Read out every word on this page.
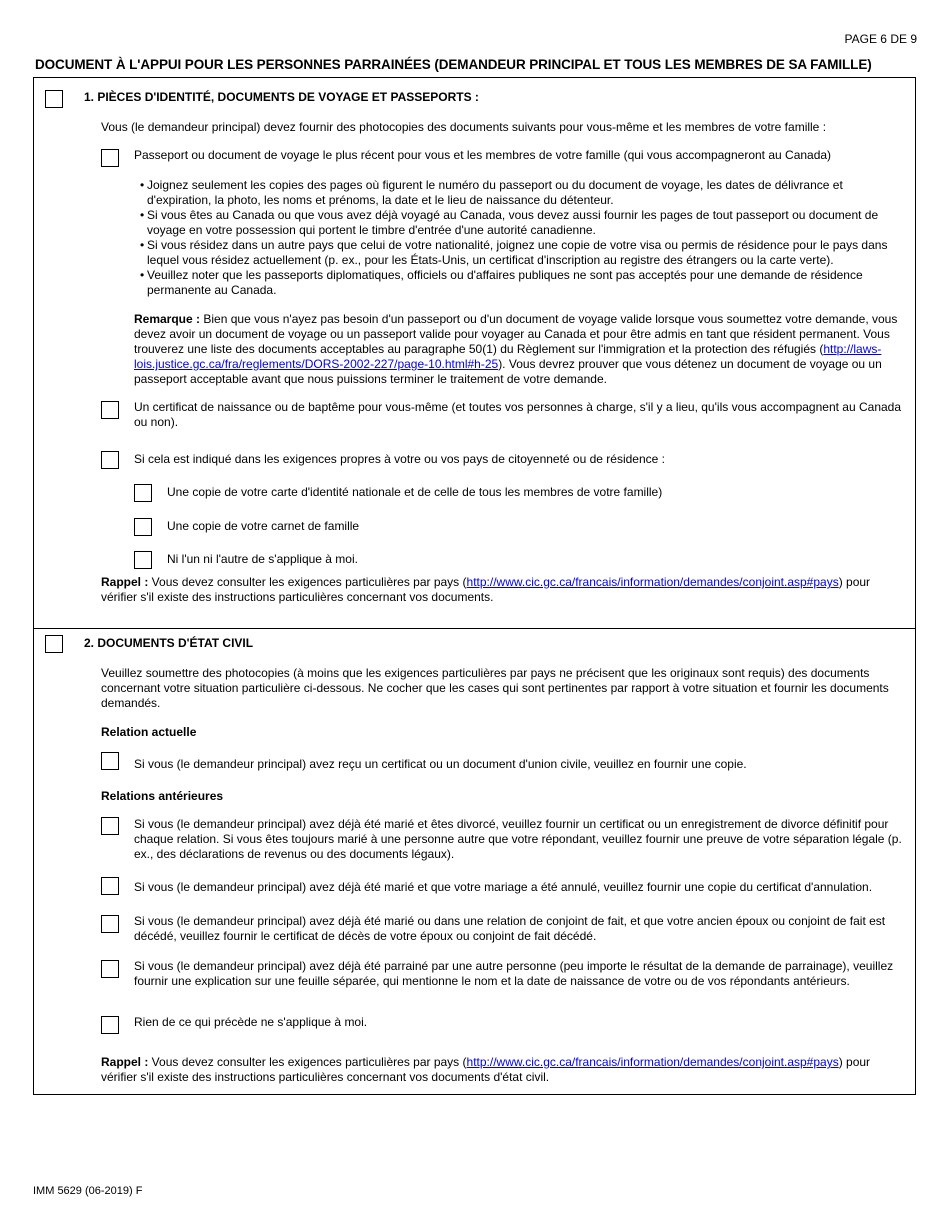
PAGE 6 DE 9
DOCUMENT À L'APPUI POUR LES PERSONNES PARRAINÉES (DEMANDEUR PRINCIPAL ET TOUS LES MEMBRES DE SA FAMILLE)
1. PIÈCES D'IDENTITÉ, DOCUMENTS DE VOYAGE ET PASSEPORTS :
Vous (le demandeur principal) devez fournir des photocopies des documents suivants pour vous-même et les membres de votre famille :
Passeport ou document de voyage le plus récent pour vous et les membres de votre famille (qui vous accompagneront au Canada)
• Joignez seulement les copies des pages où figurent le numéro du passeport ou du document de voyage, les dates de délivrance et d'expiration, la photo, les noms et prénoms, la date et le lieu de naissance du détenteur.
• Si vous êtes au Canada ou que vous avez déjà voyagé au Canada, vous devez aussi fournir les pages de tout passeport ou document de voyage en votre possession qui portent le timbre d'entrée d'une autorité canadienne.
• Si vous résidez dans un autre pays que celui de votre nationalité, joignez une copie de votre visa ou permis de résidence pour le pays dans lequel vous résidez actuellement (p. ex., pour les États-Unis, un certificat d'inscription au registre des étrangers ou la carte verte).
• Veuillez noter que les passeports diplomatiques, officiels ou d'affaires publiques ne sont pas acceptés pour une demande de résidence permanente au Canada.
Remarque : Bien que vous n'ayez pas besoin d'un passeport ou d'un document de voyage valide lorsque vous soumettez votre demande, vous devez avoir un document de voyage ou un passeport valide pour voyager au Canada et pour être admis en tant que résident permanent. Vous trouverez une liste des documents acceptables au paragraphe 50(1) du Règlement sur l'immigration et la protection des réfugiés (http://laws-lois.justice.gc.ca/fra/reglements/DORS-2002-227/page-10.html#h-25). Vous devrez prouver que vous détenez un document de voyage ou un passeport acceptable avant que nous puissions terminer le traitement de votre demande.
Un certificat de naissance ou de baptême pour vous-même (et toutes vos personnes à charge, s'il y a lieu, qu'ils vous accompagnent au Canada ou non).
Si cela est indiqué dans les exigences propres à votre ou vos pays de citoyenneté ou de résidence :
Une copie de votre carte d'identité nationale et de celle de tous les membres de votre famille)
Une copie de votre carnet de famille
Ni l'un ni l'autre de s'applique à moi.
Rappel : Vous devez consulter les exigences particulières par pays (http://www.cic.gc.ca/francais/information/demandes/conjoint.asp#pays) pour vérifier s'il existe des instructions particulières concernant vos documents.
2. DOCUMENTS D'ÉTAT CIVIL
Veuillez soumettre des photocopies (à moins que les exigences particulières par pays ne précisent que les originaux sont requis) des documents concernant votre situation particulière ci-dessous. Ne cocher que les cases qui sont pertinentes par rapport à votre situation et fournir les documents demandés.
Relation actuelle
Si vous (le demandeur principal) avez reçu un certificat ou un document d'union civile, veuillez en fournir une copie.
Relations antérieures
Si vous (le demandeur principal) avez déjà été marié et êtes divorcé, veuillez fournir un certificat ou un enregistrement de divorce définitif pour chaque relation. Si vous êtes toujours marié à une personne autre que votre répondant, veuillez fournir une preuve de votre séparation légale (p. ex., des déclarations de revenus ou des documents légaux).
Si vous (le demandeur principal) avez déjà été marié et que votre mariage a été annulé, veuillez fournir une copie du certificat d'annulation.
Si vous (le demandeur principal) avez déjà été marié ou dans une relation de conjoint de fait, et que votre ancien époux ou conjoint de fait est décédé, veuillez fournir le certificat de décès de votre époux ou conjoint de fait décédé.
Si vous (le demandeur principal) avez déjà été parrainé par une autre personne (peu importe le résultat de la demande de parrainage), veuillez fournir une explication sur une feuille séparée, qui mentionne le nom et la date de naissance de votre ou de vos répondants antérieurs.
Rien de ce qui précède ne s'applique à moi.
Rappel : Vous devez consulter les exigences particulières par pays (http://www.cic.gc.ca/francais/information/demandes/conjoint.asp#pays) pour vérifier s'il existe des instructions particulières concernant vos documents d'état civil.
IMM 5629 (06-2019) F
